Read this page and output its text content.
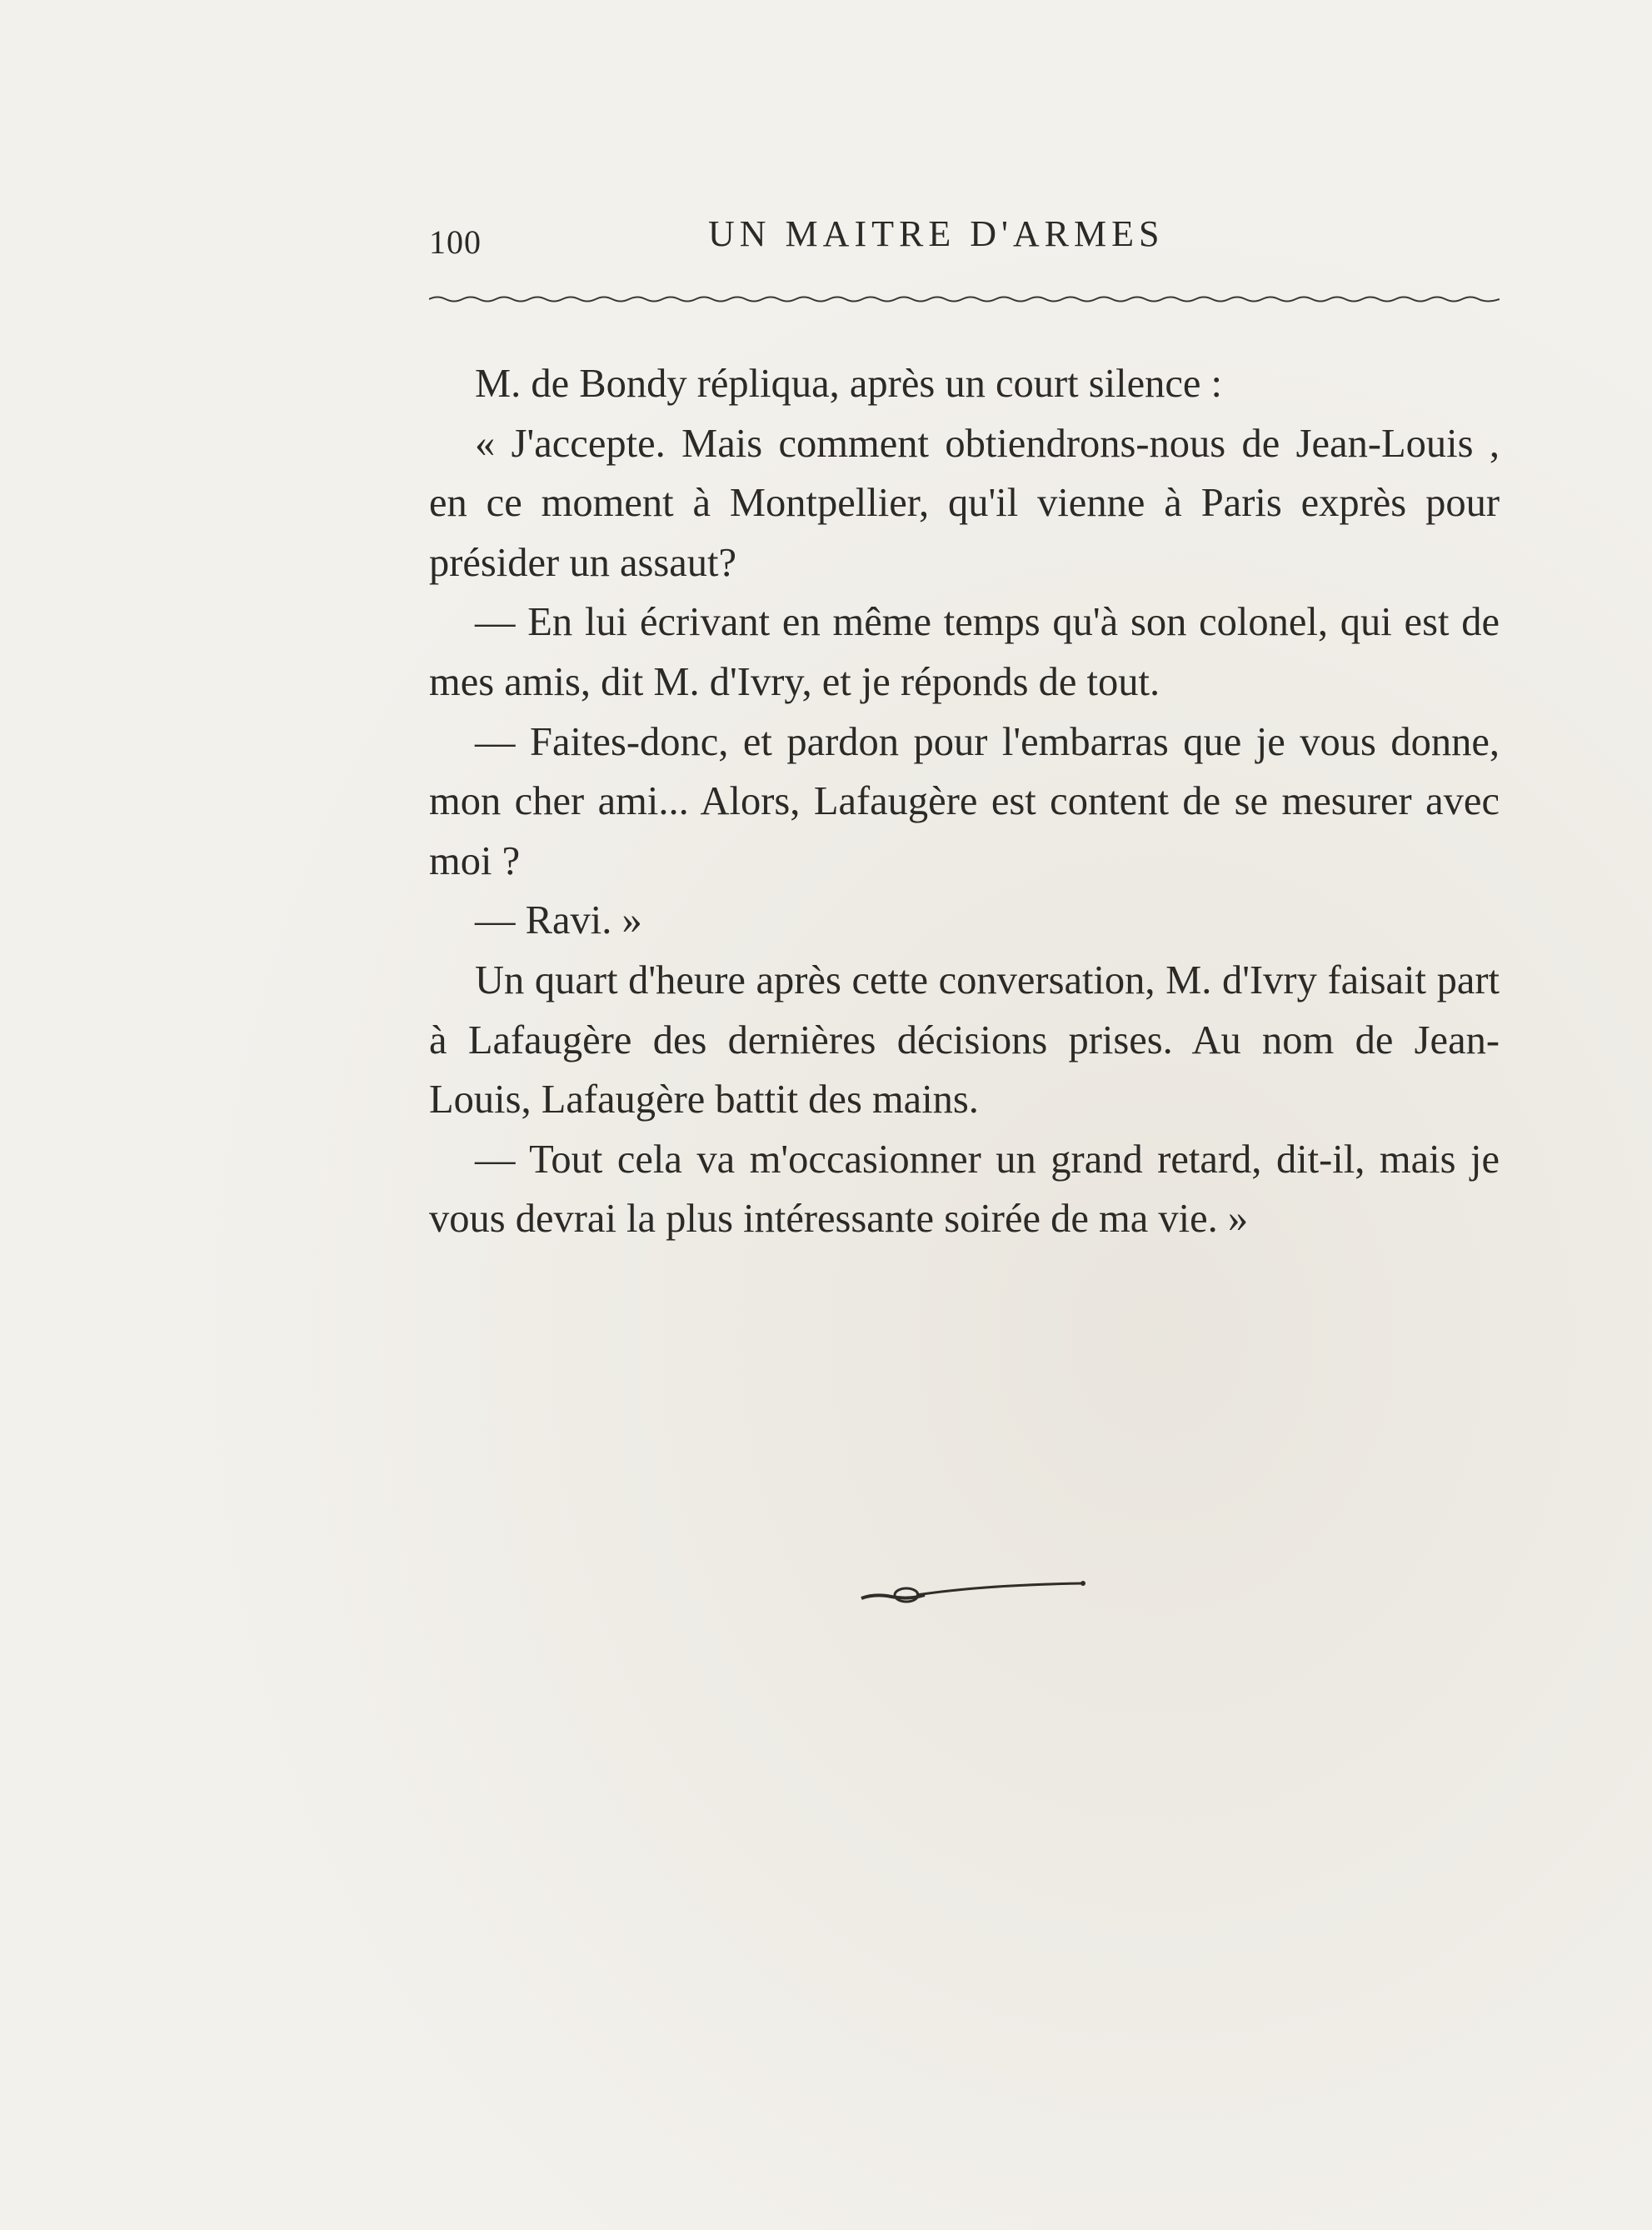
100	UN MAITRE D'ARMES

M. de Bondy répliqua, après un court silence :

« J'accepte. Mais comment obtiendrons-nous de Jean-Louis , en ce moment à Montpellier, qu'il vienne à Paris exprès pour présider un assaut?

— En lui écrivant en même temps qu'à son colonel, qui est de mes amis, dit M. d'Ivry, et je réponds de tout.

— Faites-donc, et pardon pour l'embarras que je vous donne, mon cher ami... Alors, Lafaugère est content de se mesurer avec moi ?

— Ravi. »

Un quart d'heure après cette conversation, M. d'Ivry faisait part à Lafaugère des dernières décisions prises. Au nom de Jean-Louis, Lafaugère battit des mains.

— Tout cela va m'occasionner un grand retard, dit-il, mais je vous devrai la plus intéressante soirée de ma vie. »
